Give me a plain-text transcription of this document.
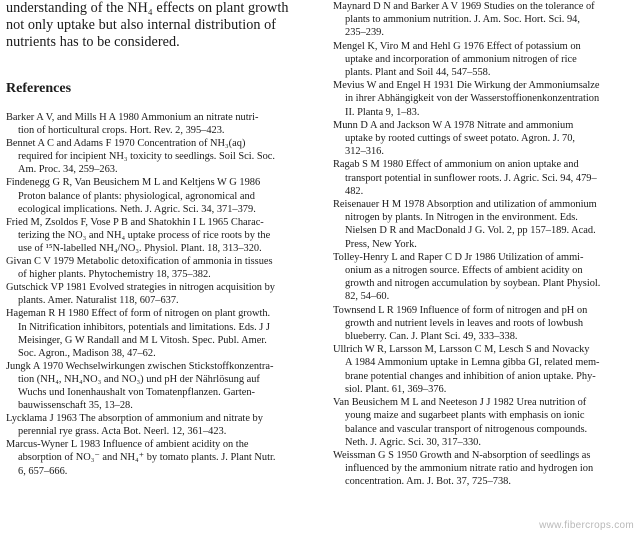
understanding of the NH₄ effects on plant growth
not only uptake but also internal distribution of
nutrients has to be considered.

References

Barker A V, and Mills H A 1980 Ammonium an nitrate nutri-
tion of horticultural crops. Hort. Rev. 2, 395–423.

Bennet A C and Adams F 1970 Concentration of NH₃(aq)
required for incipient NH₃ toxicity to seedlings. Soil Sci. Soc.
Am. Proc. 34, 259–263.

Findenegg G R, Van Beusichem M L and Keltjens W G 1986
Proton balance of plants: physiological, agronomical and
ecological implications. Neth. J. Agric. Sci. 34, 371–379.

Fried M, Zsoldos F, Vose P B and Shatokhin I L 1965 Charac-
terizing the NO₃ and NH₄ uptake process of rice roots by the
use of ¹⁵N-labelled NH₄/NO₃. Physiol. Plant. 18, 313–320.

Givan C V 1979 Metabolic detoxification of ammonia in tissues
of higher plants. Phytochemistry 18, 375–382.

Gutschick VP 1981 Evolved strategies in nitrogen acquisition by
plants. Amer. Naturalist 118, 607–637.

Hageman R H 1980 Effect of form of nitrogen on plant growth.
In Nitrification inhibitors, potentials and limitations. Eds. J J
Meisinger, G W Randall and M L Vitosh. Spec. Publ. Amer.
Soc. Agron., Madison 38, 47–62.

Jungk A 1970 Wechselwirkungen zwischen Stickstoffkonzentra-
tion (NH₄, NH₄NO₃ and NO₃) und pH der Nährlösung auf
Wuchs und Ionenhaushalt von Tomatenpflanzen. Garten-
bauwissenschaft 35, 13–28.

Lycklama J 1963 The absorption of ammonium and nitrate by
perennial rye grass. Acta Bot. Neerl. 12, 361–423.

Marcus-Wyner L 1983 Influence of ambient acidity on the
absorption of NO₃⁻ and NH₄⁺ by tomato plants. J. Plant Nutr.
6, 657–666.

Maynard D N and Barker A V 1969 Studies on the tolerance of
plants to ammonium nutrition. J. Am. Soc. Hort. Sci. 94,
235–239.

Mengel K, Viro M and Hehl G 1976 Effect of potassium on
uptake and incorporation of ammonium nitrogen of rice
plants. Plant and Soil 44, 547–558.

Mevius W and Engel H 1931 Die Wirkung der Ammoniumsalze
in ihrer Abhängigkeit von der Wasserstoffionenkonzentration
II. Planta 9, 1–83.

Munn D A and Jackson W A 1978 Nitrate and ammonium
uptake by rooted cuttings of sweet potato. Agron. J. 70,
312–316.

Ragab S M 1980 Effect of ammonium on anion uptake and
transport potential in sunflower roots. J. Agric. Sci. 94, 479–
482.

Reisenauer H M 1978 Absorption and utilization of ammonium
nitrogen by plants. In Nitrogen in the environment. Eds.
Nielsen D R and MacDonald J G. Vol. 2, pp 157–189. Acad.
Press, New York.

Tolley-Henry L and Raper C D Jr 1986 Utilization of ammi-
onium as a nitrogen source. Effects of ambient acidity on
growth and nitrogen accumulation by soybean. Plant Physiol.
82, 54–60.

Townsend L R 1969 Influence of form of nitrogen and pH on
growth and nutrient levels in leaves and roots of lowbush
blueberry. Can. J. Plant Sci. 49, 333–338.

Ullrich W R, Larsson M, Larsson C M, Lesch S and Novacky
A 1984 Ammonium uptake in Lemna gibba GI, related mem-
brane potential changes and inhibition of anion uptake. Phy-
siol. Plant. 61, 369–376.

Van Beusichem M L and Neeteson J J 1982 Urea nutrition of
young maize and sugarbeet plants with emphasis on ionic
balance and vascular transport of nitrogenous compounds.
Neth. J. Agric. Sci. 30, 317–330.

Weissman G S 1950 Growth and N-absorption of seedlings as
influenced by the ammonium nitrate ratio and hydrogen ion
concentration. Am. J. Bot. 37, 725–738.

www.fibercrops.com
